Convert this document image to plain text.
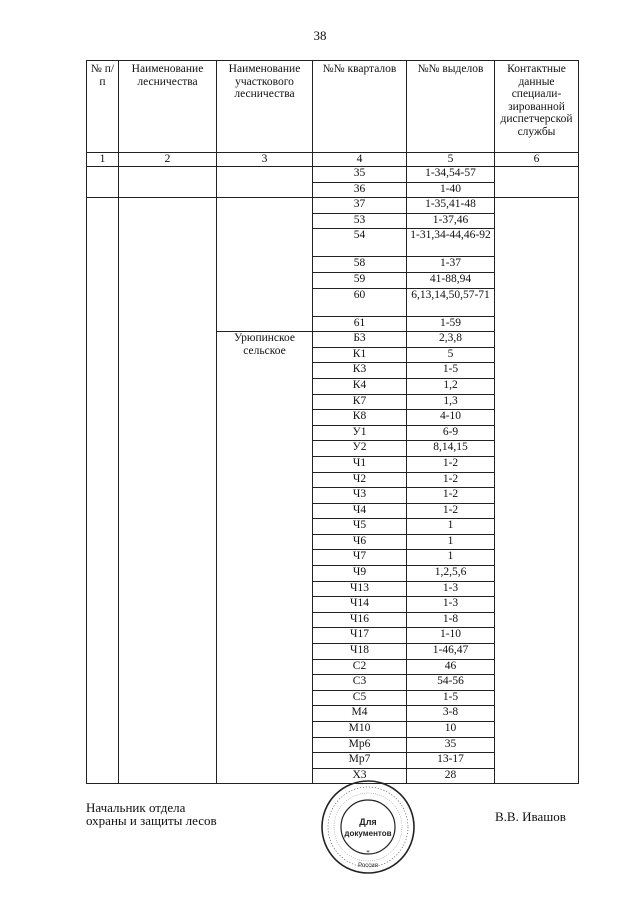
38
№ п/п	Наименование лесничества	Наименование участкового лесничества	№№ кварталов	№№ выделов	Контактные данные специали-зированной диспетчерской службы
1	2	3	4	5	6
			35	1-34,54-57	
			36	1-40	
			37	1-35,41-48	
			53	1-37,46	
			54	1-31,34-44,46-92	
			58	1-37	
			59	41-88,94	
			60	6,13,14,50,57-71	
			61	1-59	
		Урюпинское сельское	Б3	2,3,8	
			К1	5	
			К3	1-5	
			К4	1,2	
			К7	1,3	
			К8	4-10	
			У1	6-9	
			У2	8,14,15	
			Ч1	1-2	
			Ч2	1-2	
			Ч3	1-2	
			Ч4	1-2	
			Ч5	1	
			Ч6	1	
			Ч7	1	
			Ч9	1,2,5,6	
			Ч13	1-3	
			Ч14	1-3	
			Ч16	1-8	
			Ч17	1-10	
			Ч18	1-46,47	
			С2	46	
			С3	54-56	
			С5	1-5	
			М4	3-8	
			М10	10	
			Мр6	35	
			Мр7	13-17	
			Х3	28	
Начальник отдела
охраны и защиты лесов	В.В. Ивашов
Для
документов
Россия
*
